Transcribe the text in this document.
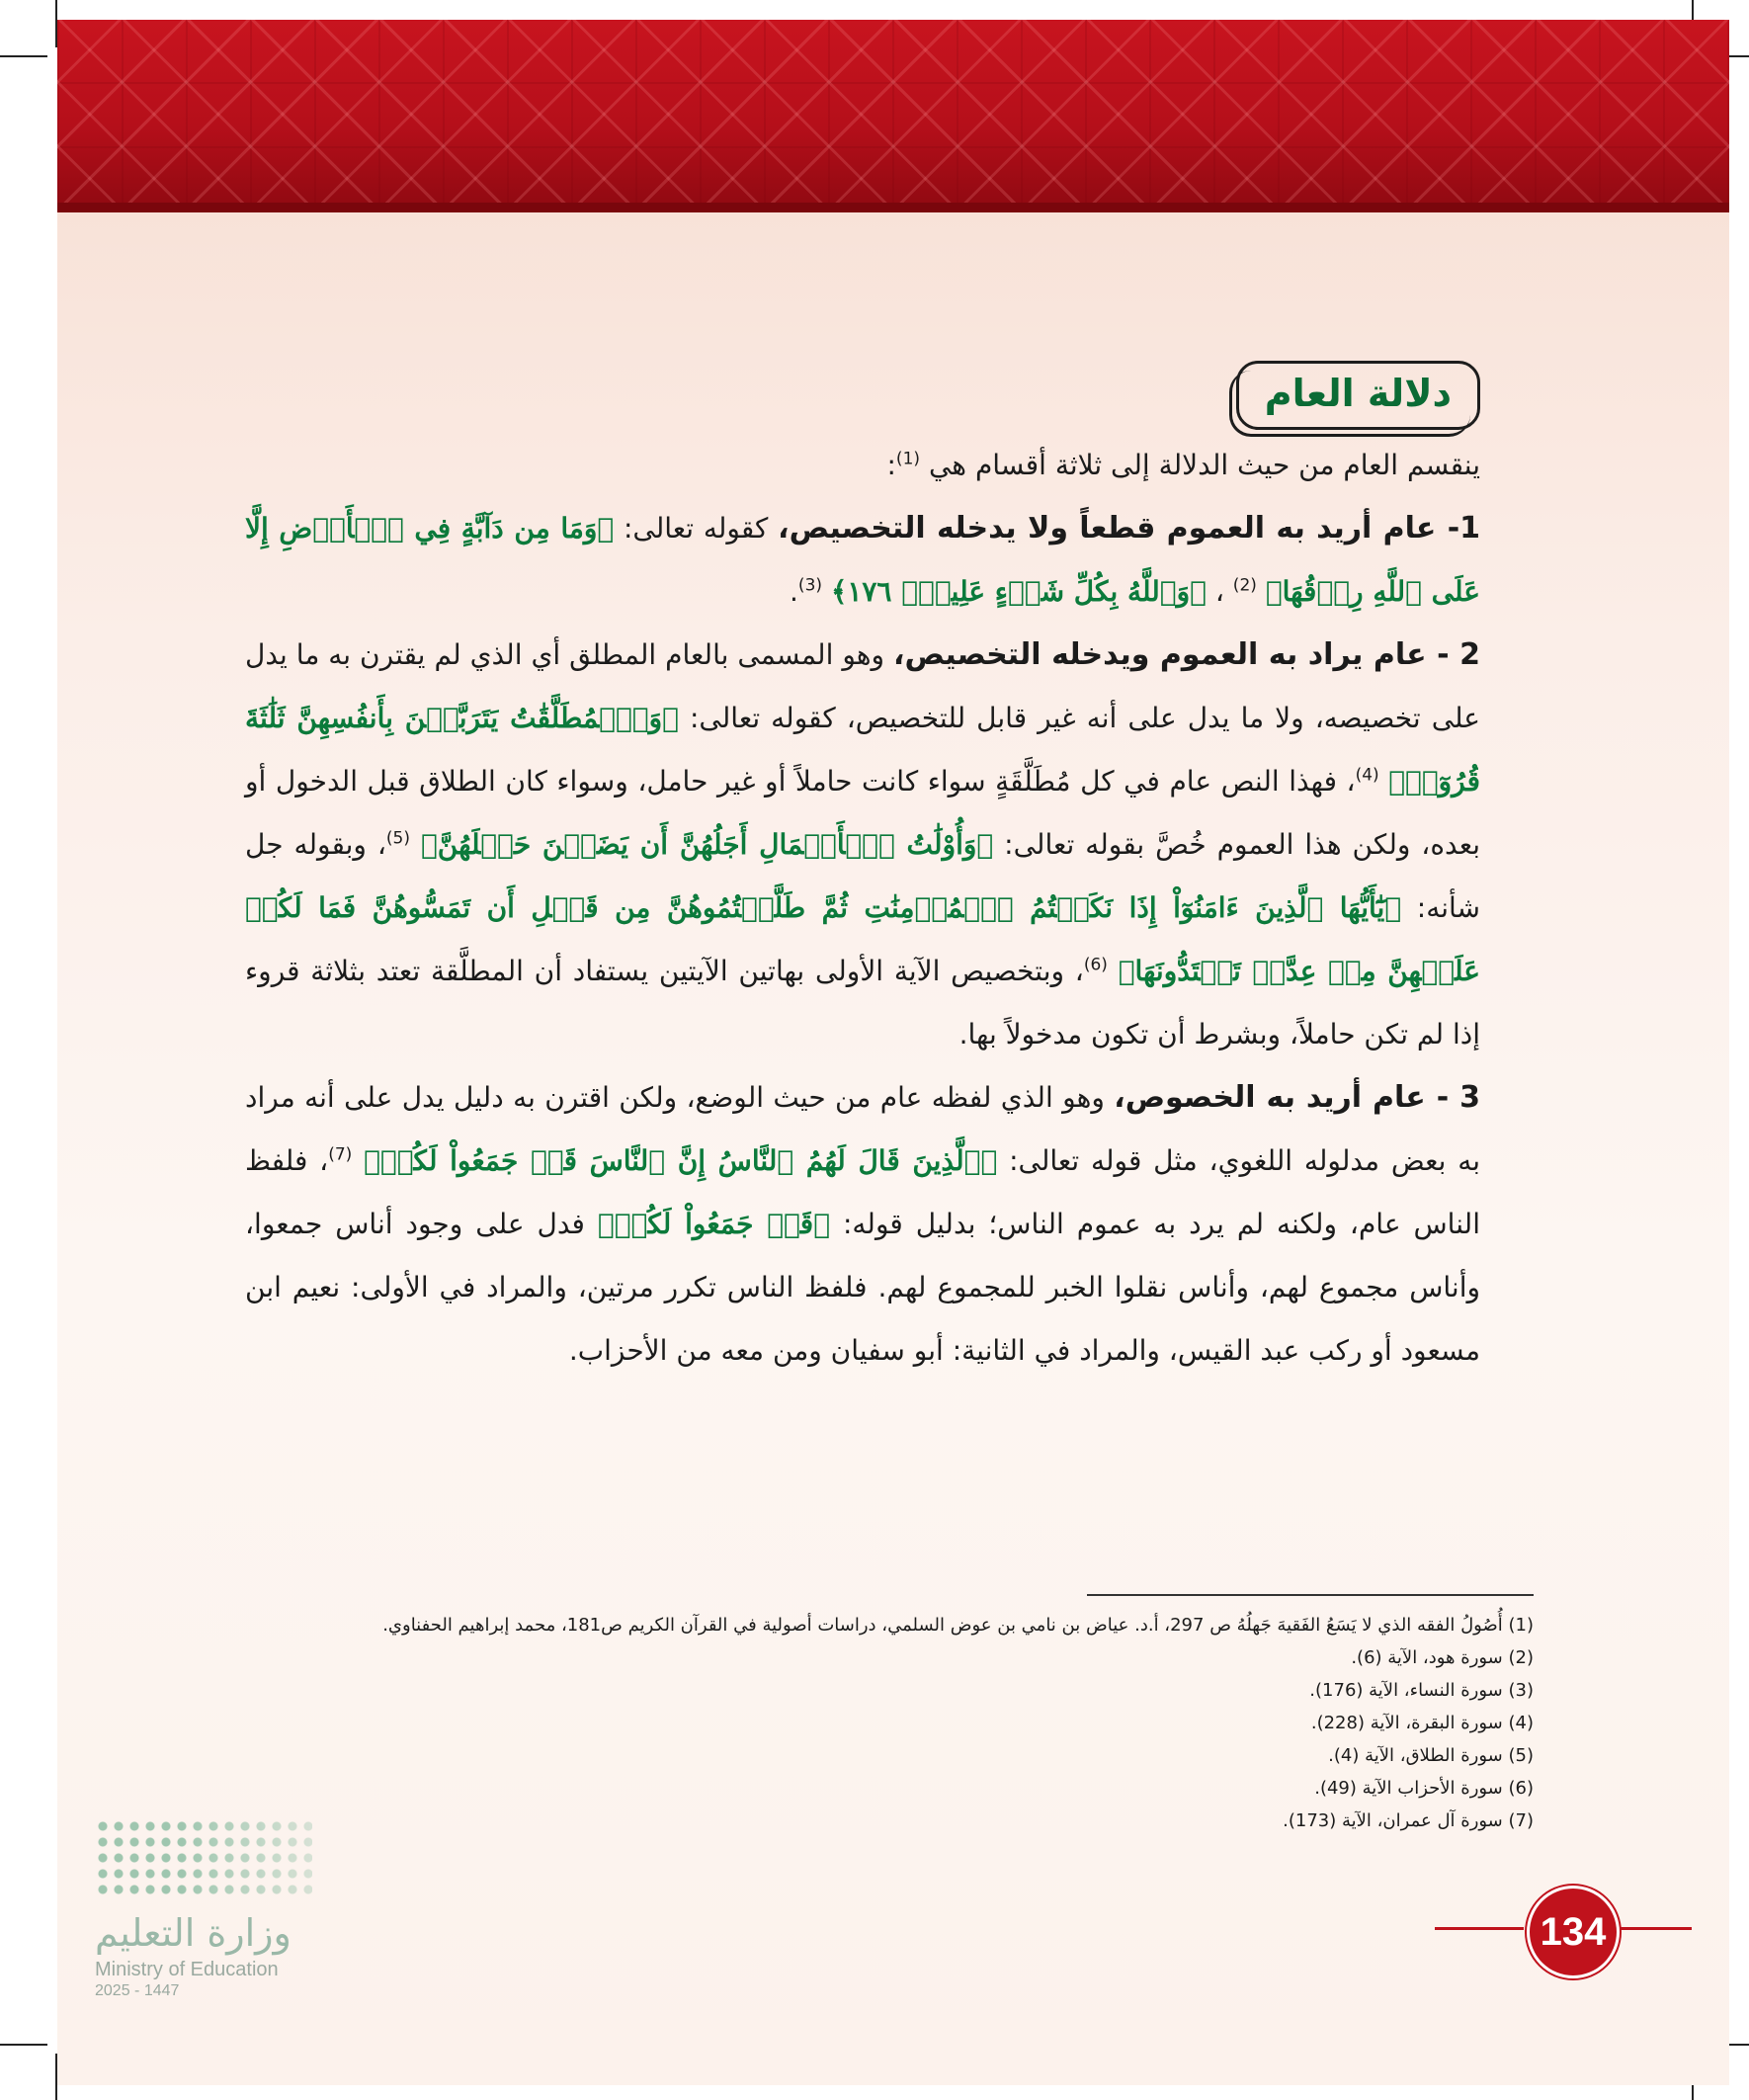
دلالة العام

ينقسم العام من حيث الدلالة إلى ثلاثة أقسام هي $^{(1)}$:

1- عام أريد به العموم قطعاً ولا يدخله التخصيص، كقوله تعالى: ﴿وَمَا مِن دَآبَّةٍ فِي ٱلۡأَرۡضِ إِلَّا عَلَى ٱللَّهِ رِزۡقُهَا﴾ $^{(2)}$ ، ﴿وَٱللَّهُ بِكُلِّ شَيۡءٍ عَلِيمُۢ ١٧٦﴾ $^{(3)}$.

2 - عام يراد به العموم ويدخله التخصيص، وهو المسمى بالعام المطلق أي الذي لم يقترن به ما يدل على تخصيصه، ولا ما يدل على أنه غير قابل للتخصيص، كقوله تعالى: ﴿وَٱلۡمُطَلَّقَٰتُ يَتَرَبَّصۡنَ بِأَنفُسِهِنَّ ثَلَٰثَةَ قُرُوٓءٖ﴾ $^{(4)}$، فهذا النص عام في كل مُطَلَّقَةٍ سواء كانت حاملاً أو غير حامل، وسواء كان الطلاق قبل الدخول أو بعده، ولكن هذا العموم خُصَّ بقوله تعالى: ﴿وَأُوْلَٰتُ ٱلۡأَحۡمَالِ أَجَلُهُنَّ أَن يَضَعۡنَ حَمۡلَهُنَّ﴾ $^{(5)}$، وبقوله جل شأنه: ﴿يَٰٓأَيُّهَا ٱلَّذِينَ ءَامَنُوٓاْ إِذَا نَكَحۡتُمُ ٱلۡمُؤۡمِنَٰتِ ثُمَّ طَلَّقۡتُمُوهُنَّ مِن قَبۡلِ أَن تَمَسُّوهُنَّ فَمَا لَكُمۡ عَلَيۡهِنَّ مِنۡ عِدَّةٖ تَعۡتَدُّونَهَا﴾ $^{(6)}$، وبتخصيص الآية الأولى بهاتين الآيتين يستفاد أن المطلَّقة تعتد بثلاثة قروء إذا لم تكن حاملاً، وبشرط أن تكون مدخولاً بها.

3 - عام أريد به الخصوص، وهو الذي لفظه عام من حيث الوضع، ولكن اقترن به دليل يدل على أنه مراد به بعض مدلوله اللغوي، مثل قوله تعالى: ﴿ٱلَّذِينَ قَالَ لَهُمُ ٱلنَّاسُ إِنَّ ٱلنَّاسَ قَدۡ جَمَعُواْ لَكُمۡ﴾ $^{(7)}$، فلفظ الناس عام، ولكنه لم يرد به عموم الناس؛ بدليل قوله: ﴿قَدۡ جَمَعُواْ لَكُمۡ﴾ فدل على وجود أناس جمعوا، وأناس مجموع لهم، وأناس نقلوا الخبر للمجموع لهم. فلفظ الناس تكرر مرتين، والمراد في الأولى: نعيم ابن مسعود أو ركب عبد القيس، والمراد في الثانية: أبو سفيان ومن معه من الأحزاب.

(1) أُصُولُ الفقه الذي لا يَسَعُ الفَقيهَ جَهلُهُ ص 297، أ.د. عياض بن نامي بن عوض السلمي، دراسات أصولية في القرآن الكريم ص181، محمد إبراهيم الحفناوي.
(2) سورة هود، الآية (6).
(3) سورة النساء، الآية (176).
(4) سورة البقرة، الآية (228).
(5) سورة الطلاق، الآية (4).
(6) سورة الأحزاب الآية (49).
(7) سورة آل عمران، الآية (173).
وزارة التعليم
Ministry of Education
2025 - 1447
134
